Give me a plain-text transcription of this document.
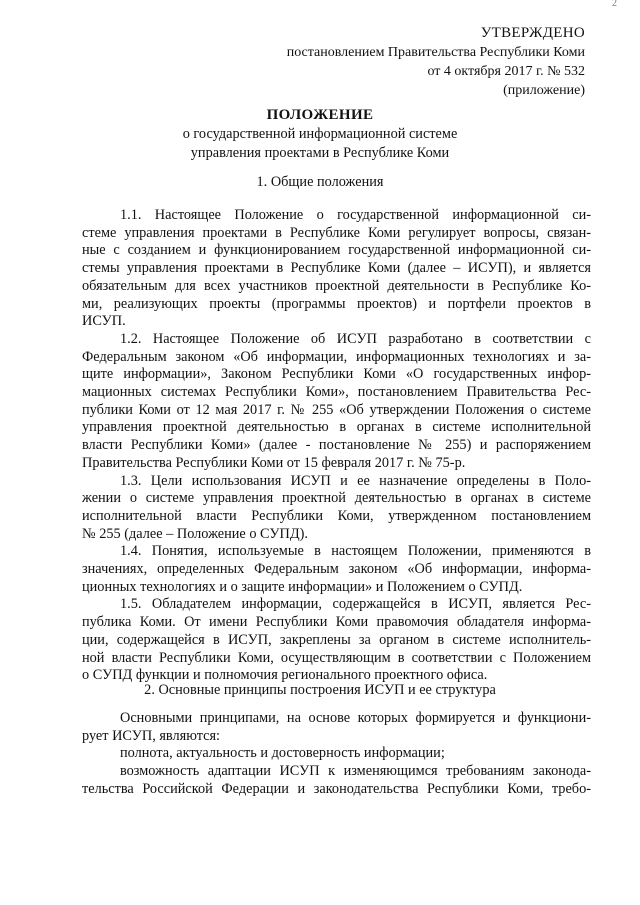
2
УТВЕРЖДЕНО
постановлением Правительства Республики Коми
от 4 октября 2017 г. № 532
(приложение)
ПОЛОЖЕНИЕ
о государственной информационной системе
управления проектами в Республике Коми
1. Общие положения
1.1. Настоящее Положение о государственной информационной си-
стеме управления проектами в Республике Коми регулирует вопросы, связан-
ные с созданием и функционированием государственной информационной си-
стемы управления проектами в Республике Коми (далее – ИСУП), и является
обязательным для всех участников проектной деятельности в Республике Ко-
ми, реализующих проекты (программы проектов) и портфели проектов в
ИСУП.
1.2. Настоящее Положение об ИСУП разработано в соответствии с
Федеральным законом «Об информации, информационных технологиях и за-
щите информации», Законом Республики Коми «О государственных инфор-
мационных системах Республики Коми», постановлением Правительства Рес-
публики Коми от 12 мая 2017 г. № 255 «Об утверждении Положения о системе
управления проектной деятельностью в органах в системе исполнительной
власти Республики Коми» (далее - постановление № 255) и распоряжением
Правительства Республики Коми от 15 февраля 2017 г. № 75-р.
1.3. Цели использования ИСУП и ее назначение определены в Поло-
жении о системе управления проектной деятельностью в органах в системе
исполнительной власти Республики Коми, утвержденном постановлением
№ 255 (далее – Положение о СУПД).
1.4. Понятия, используемые в настоящем Положении, применяются в
значениях, определенных Федеральным законом «Об информации, информа-
ционных технологиях и о защите информации» и Положением о СУПД.
1.5. Обладателем информации, содержащейся в ИСУП, является Рес-
публика Коми. От имени Республики Коми правомочия обладателя информа-
ции, содержащейся в ИСУП, закреплены за органом в системе исполнитель-
ной власти Республики Коми, осуществляющим в соответствии с Положением
о СУПД функции и полномочия регионального проектного офиса.
2. Основные принципы построения ИСУП и ее структура
Основными принципами, на основе которых формируется и функциони-
рует ИСУП, являются:
полнота, актуальность и достоверность информации;
возможность адаптации ИСУП к изменяющимся требованиям законода-
тельства Российской Федерации и законодательства Республики Коми, требо-
